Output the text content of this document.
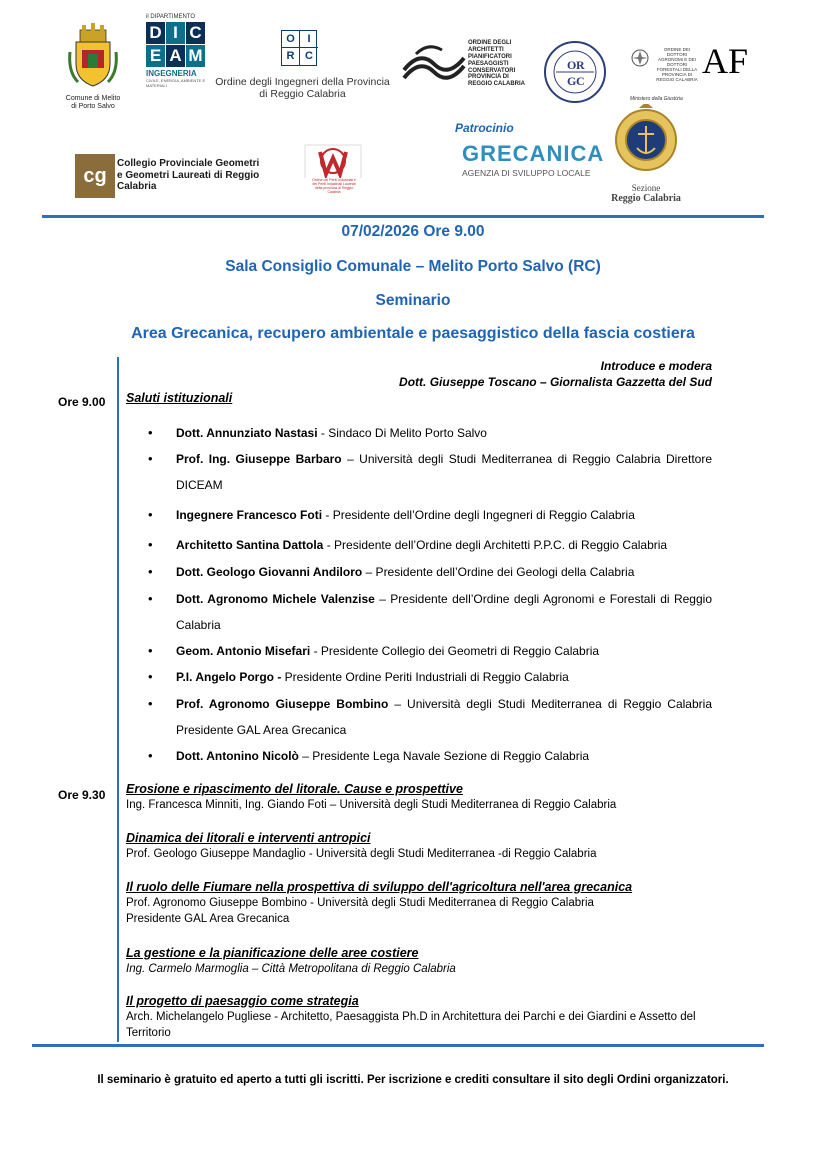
Comune di Melito
di Porto Salvo
il DIPARTIMENTO
D I C
E A M
INGEGNERIA
CIVILE, ENERGIA, AMBIENTE E MATERIALI
O	I
R C
Ordine degli Ingegneri della Provincia di Reggio Calabria
ORDINE DEGLI ARCHITETTI PIANIFICATORI PAESAGGISTI CONSERVATORI PROVINCIA DI REGGIO CALABRIA
O R
G C
ORDINE DEI DOTTORI AGRONOMI E DEI DOTTORI FORESTALI DELLA PROVINCIA DI REGGIO CALABRIA AF
Ministero della Giustizia
cg
Collegio Provinciale Geometri e Geometri Laureati di Reggio Calabria
Ordine dei Periti Industriali e dei Periti Industriali Laureati della provincia di Reggio Calabria
Patrocinio
GRECANICA
AGENZIA DI SVILUPPO LOCALE
Sezione
Reggio Calabria
07/02/2026 Ore 9.00
Sala Consiglio Comunale – Melito Porto Salvo (RC)
Seminario
Area Grecanica, recupero ambientale e paesaggistico della fascia costiera
Introduce e modera
Dott. Giuseppe Toscano – Giornalista Gazzetta del Sud
Ore 9.00
Ore 9.30
Saluti istituzionali
• Dott. Annunziato Nastasi - Sindaco Di Melito Porto Salvo
• Prof. Ing. Giuseppe Barbaro – Università degli Studi Mediterranea di Reggio Calabria Direttore DICEAM
• Ingegnere Francesco Foti - Presidente dell’Ordine degli Ingegneri di Reggio Calabria
• Architetto Santina Dattola - Presidente dell’Ordine degli Architetti P.P.C. di Reggio Calabria
• Dott. Geologo Giovanni Andiloro – Presidente dell’Ordine dei Geologi della Calabria
• Dott. Agronomo Michele Valenzise – Presidente dell’Ordine degli Agronomi e Forestali di Reggio Calabria
• Geom. Antonio Misefari - Presidente Collegio dei Geometri di Reggio Calabria
• P.I. Angelo Porgo - Presidente Ordine Periti Industriali di Reggio Calabria
• Prof. Agronomo Giuseppe Bombino – Università degli Studi Mediterranea di Reggio Calabria Presidente GAL Area Grecanica
• Dott. Antonino Nicolò – Presidente Lega Navale Sezione di Reggio Calabria
Erosione e ripascimento del litorale. Cause e prospettive
Ing. Francesca Minniti, Ing. Giando Foti – Università degli Studi Mediterranea di Reggio Calabria
Dinamica dei litorali e interventi antropici
Prof. Geologo Giuseppe Mandaglio - Università degli Studi Mediterranea -di Reggio Calabria
Il ruolo delle Fiumare nella prospettiva di sviluppo dell'agricoltura nell'area grecanica
Prof. Agronomo Giuseppe Bombino - Università degli Studi Mediterranea di Reggio Calabria
Presidente GAL Area Grecanica
La gestione e la pianificazione delle aree costiere
Ing. Carmelo Marmoglia – Città Metropolitana di Reggio Calabria
Il progetto di paesaggio come strategia
Arch. Michelangelo Pugliese - Architetto, Paesaggista Ph.D in Architettura dei Parchi e dei Giardini e Assetto del Territorio
Il seminario è gratuito ed aperto a tutti gli iscritti. Per iscrizione e crediti consultare il sito degli Ordini organizzatori.
